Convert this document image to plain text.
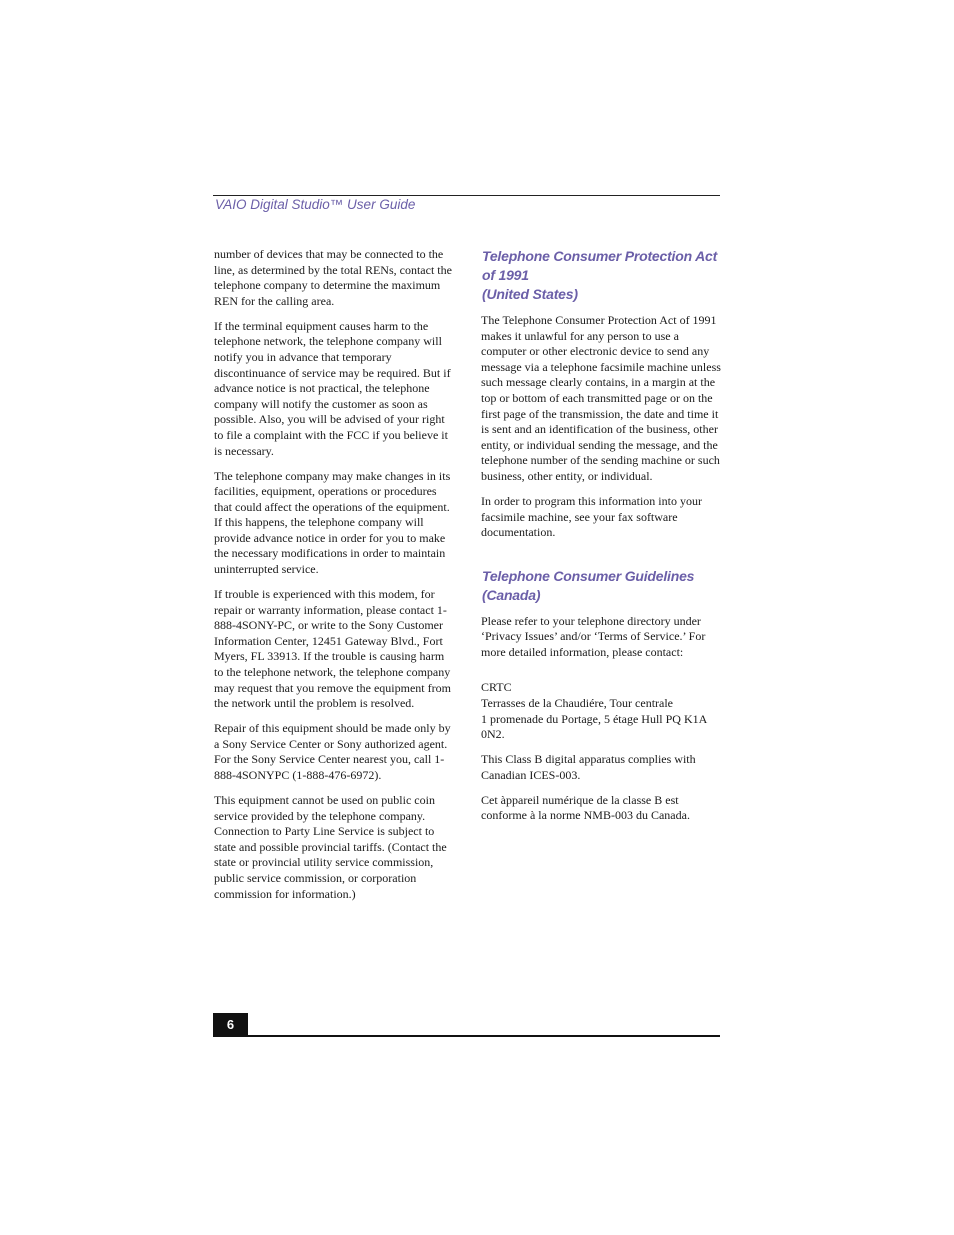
VAIO Digital Studio™ User Guide

number of devices that may be connected to the line, as determined by the total RENs, contact the telephone company to determine the maximum REN for the calling area.

If the terminal equipment causes harm to the telephone network, the telephone company will notify you in advance that temporary discontinuance of service may be required. But if advance notice is not practical, the telephone company will notify the customer as soon as possible. Also, you will be advised of your right to file a complaint with the FCC if you believe it is necessary.

The telephone company may make changes in its facilities, equipment, operations or procedures that could affect the operations of the equipment. If this happens, the telephone company will provide advance notice in order for you to make the necessary modifications in order to maintain uninterrupted service.

If trouble is experienced with this modem, for repair or warranty information, please contact 1-888-4SONY-PC, or write to the Sony Customer Information Center, 12451 Gateway Blvd., Fort Myers, FL 33913. If the trouble is causing harm to the telephone network, the telephone company may request that you remove the equipment from the network until the problem is resolved.

Repair of this equipment should be made only by a Sony Service Center or Sony authorized agent. For the Sony Service Center nearest you, call 1-888-4SONYPC (1-888-476-6972).

This equipment cannot be used on public coin service provided by the telephone company. Connection to Party Line Service is subject to state and possible provincial tariffs. (Contact the state or provincial utility service commission, public service commission, or corporation commission for information.)

Telephone Consumer Protection Act
of 1991
(United States)

The Telephone Consumer Protection Act of 1991 makes it unlawful for any person to use a computer or other electronic device to send any message via a telephone facsimile machine unless such message clearly contains, in a margin at the top or bottom of each transmitted page or on the first page of the transmission, the date and time it is sent and an identification of the business, other entity, or individual sending the message, and the telephone number of the sending machine or such business, other entity, or individual.

In order to program this information into your facsimile machine, see your fax software documentation.

Telephone Consumer Guidelines
(Canada)

Please refer to your telephone directory under ‘Privacy Issues’ and/or ‘Terms of Service.’ For more detailed information, please contact:

CRTC
Terrasses de la Chaudiére, Tour centrale
1 promenade du Portage, 5 étage Hull PQ K1A 0N2.

This Class B digital apparatus complies with Canadian ICES-003.

Cet àppareil numérique de la classe B est conforme à la norme NMB-003 du Canada.

6
